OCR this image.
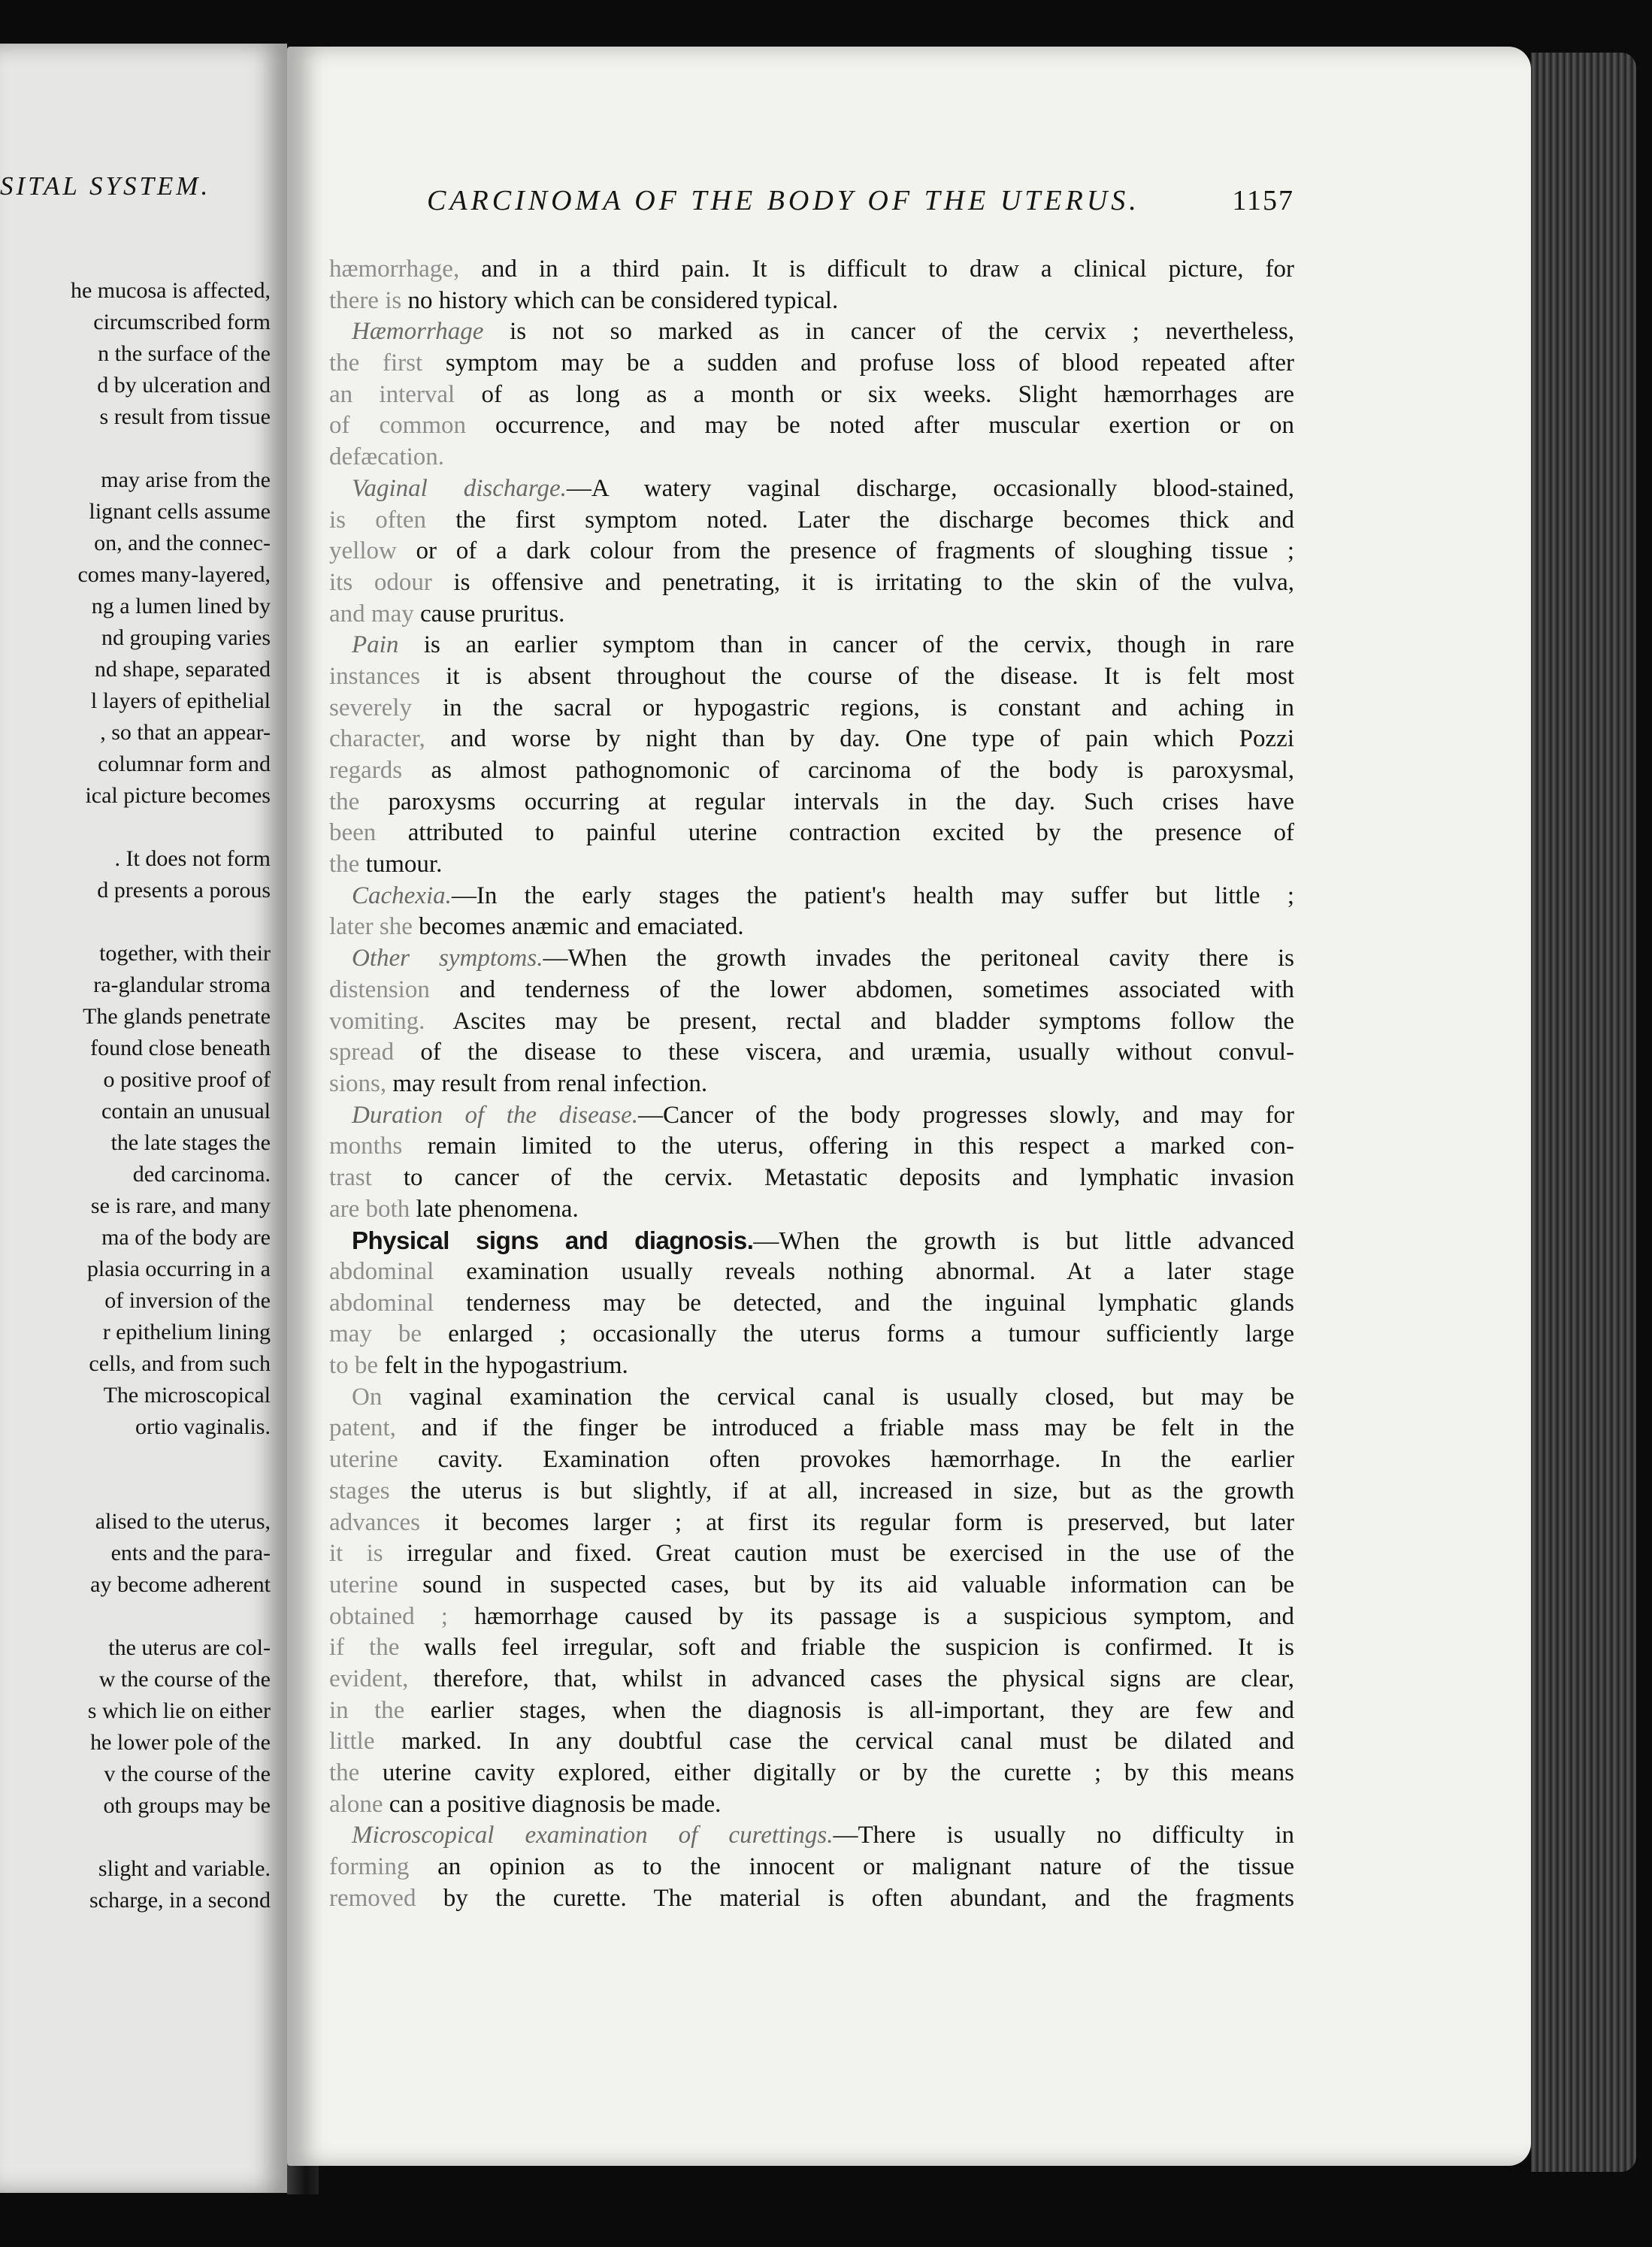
SITAL SYSTEM.
he mucosa is affected,
circumscribed form
n the surface of the
d by ulceration and
s result from tissue
may arise from the
lignant cells assume
on, and the connec-
comes many-layered,
ng a lumen lined by
nd grouping varies
nd shape, separated
l layers of epithelial
, so that an appear-
columnar form and
ical picture becomes
. It does not form
d presents a porous
together, with their
ra-glandular stroma
The glands penetrate
found close beneath
o positive proof of
contain an unusual
the late stages the
ded carcinoma.
se is rare, and many
ma of the body are
plasia occurring in a
of inversion of the
r epithelium lining
cells, and from such
The microscopical
ortio vaginalis.
alised to the uterus,
ents and the para-
ay become adherent
the uterus are col-
w the course of the
s which lie on either
he lower pole of the
v the course of the
oth groups may be
slight and variable.
scharge, in a second
CARCINOMA OF THE BODY OF THE UTERUS.	1157
hæmorrhage, and in a third pain. It is difficult to draw a clinical picture, for
there is no history which can be considered typical.
Hæmorrhage is not so marked as in cancer of the cervix ; nevertheless,
the first symptom may be a sudden and profuse loss of blood repeated after
an interval of as long as a month or six weeks. Slight hæmorrhages are
of common occurrence, and may be noted after muscular exertion or on
defæcation.
Vaginal discharge.—A watery vaginal discharge, occasionally blood-stained,
is often the first symptom noted. Later the discharge becomes thick and
yellow or of a dark colour from the presence of fragments of sloughing tissue ;
its odour is offensive and penetrating, it is irritating to the skin of the vulva,
and may cause pruritus.
Pain is an earlier symptom than in cancer of the cervix, though in rare
instances it is absent throughout the course of the disease. It is felt most
severely in the sacral or hypogastric regions, is constant and aching in
character, and worse by night than by day. One type of pain which Pozzi
regards as almost pathognomonic of carcinoma of the body is paroxysmal,
the paroxysms occurring at regular intervals in the day. Such crises have
been attributed to painful uterine contraction excited by the presence of
the tumour.
Cachexia.—In the early stages the patient's health may suffer but little ;
later she becomes anæmic and emaciated.
Other symptoms.—When the growth invades the peritoneal cavity there is
distension and tenderness of the lower abdomen, sometimes associated with
vomiting. Ascites may be present, rectal and bladder symptoms follow the
spread of the disease to these viscera, and uræmia, usually without convul-
sions, may result from renal infection.
Duration of the disease.—Cancer of the body progresses slowly, and may for
months remain limited to the uterus, offering in this respect a marked con-
trast to cancer of the cervix. Metastatic deposits and lymphatic invasion
are both late phenomena.
Physical signs and diagnosis.—When the growth is but little advanced
abdominal examination usually reveals nothing abnormal. At a later stage
abdominal tenderness may be detected, and the inguinal lymphatic glands
may be enlarged ; occasionally the uterus forms a tumour sufficiently large
to be felt in the hypogastrium.
On vaginal examination the cervical canal is usually closed, but may be
patent, and if the finger be introduced a friable mass may be felt in the
uterine cavity. Examination often provokes hæmorrhage. In the earlier
stages the uterus is but slightly, if at all, increased in size, but as the growth
advances it becomes larger ; at first its regular form is preserved, but later
it is irregular and fixed. Great caution must be exercised in the use of the
uterine sound in suspected cases, but by its aid valuable information can be
obtained ; hæmorrhage caused by its passage is a suspicious symptom, and
if the walls feel irregular, soft and friable the suspicion is confirmed. It is
evident, therefore, that, whilst in advanced cases the physical signs are clear,
in the earlier stages, when the diagnosis is all-important, they are few and
little marked. In any doubtful case the cervical canal must be dilated and
the uterine cavity explored, either digitally or by the curette ; by this means
alone can a positive diagnosis be made.
Microscopical examination of curettings.—There is usually no difficulty in
forming an opinion as to the innocent or malignant nature of the tissue
removed by the curette. The material is often abundant, and the fragments
